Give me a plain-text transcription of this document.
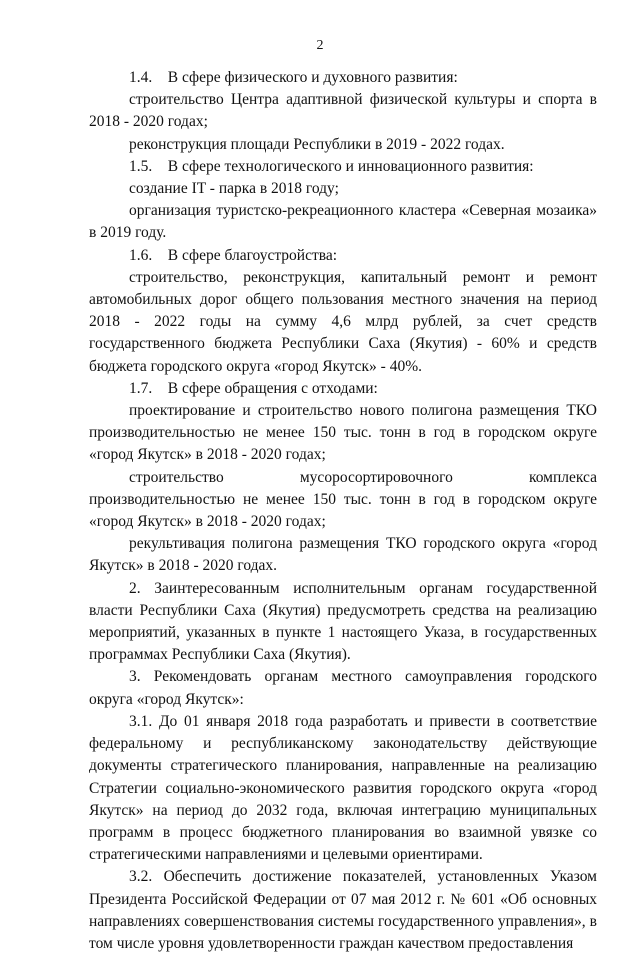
2

1.4.    В сфере физического и духовного развития:

строительство Центра адаптивной физической культуры и спорта в 2018 - 2020 годах;

реконструкция площади Республики в 2019 - 2022 годах.

1.5.    В сфере технологического и инновационного развития:

создание IT - парка в 2018 году;

организация туристско-рекреационного кластера «Северная мозаика» в 2019 году.

1.6.    В сфере благоустройства:

строительство, реконструкция, капитальный ремонт и ремонт автомобильных дорог общего пользования местного значения на период 2018 - 2022 годы на сумму 4,6 млрд рублей, за счет средств государственного бюджета Республики Саха (Якутия) - 60% и средств бюджета городского округа «город Якутск» - 40%.

1.7.    В сфере обращения с отходами:

проектирование и строительство нового полигона размещения ТКО производительностью не менее 150 тыс. тонн в год в городском округе «город Якутск» в 2018 - 2020 годах;

строительство мусоросортировочного комплекса производительностью не менее 150 тыс. тонн в год в городском округе «город Якутск» в 2018 - 2020 годах;

рекультивация полигона размещения ТКО городского округа «город Якутск» в 2018 - 2020 годах.

2. Заинтересованным исполнительным органам государственной власти Республики Саха (Якутия) предусмотреть средства на реализацию мероприятий, указанных в пункте 1 настоящего Указа, в государственных программах Республики Саха (Якутия).

3. Рекомендовать органам местного самоуправления городского округа «город Якутск»:

3.1. До 01 января 2018 года разработать и привести в соответствие федеральному и республиканскому законодательству действующие документы стратегического планирования, направленные на реализацию Стратегии социально-экономического развития городского округа «город Якутск» на период до 2032 года, включая интеграцию муниципальных программ в процесс бюджетного планирования во взаимной увязке со стратегическими направлениями и целевыми ориентирами.

3.2. Обеспечить достижение показателей, установленных Указом Президента Российской Федерации от 07 мая 2012 г. № 601 «Об основных направлениях совершенствования системы государственного управления», в том числе уровня удовлетворенности граждан качеством предоставления
